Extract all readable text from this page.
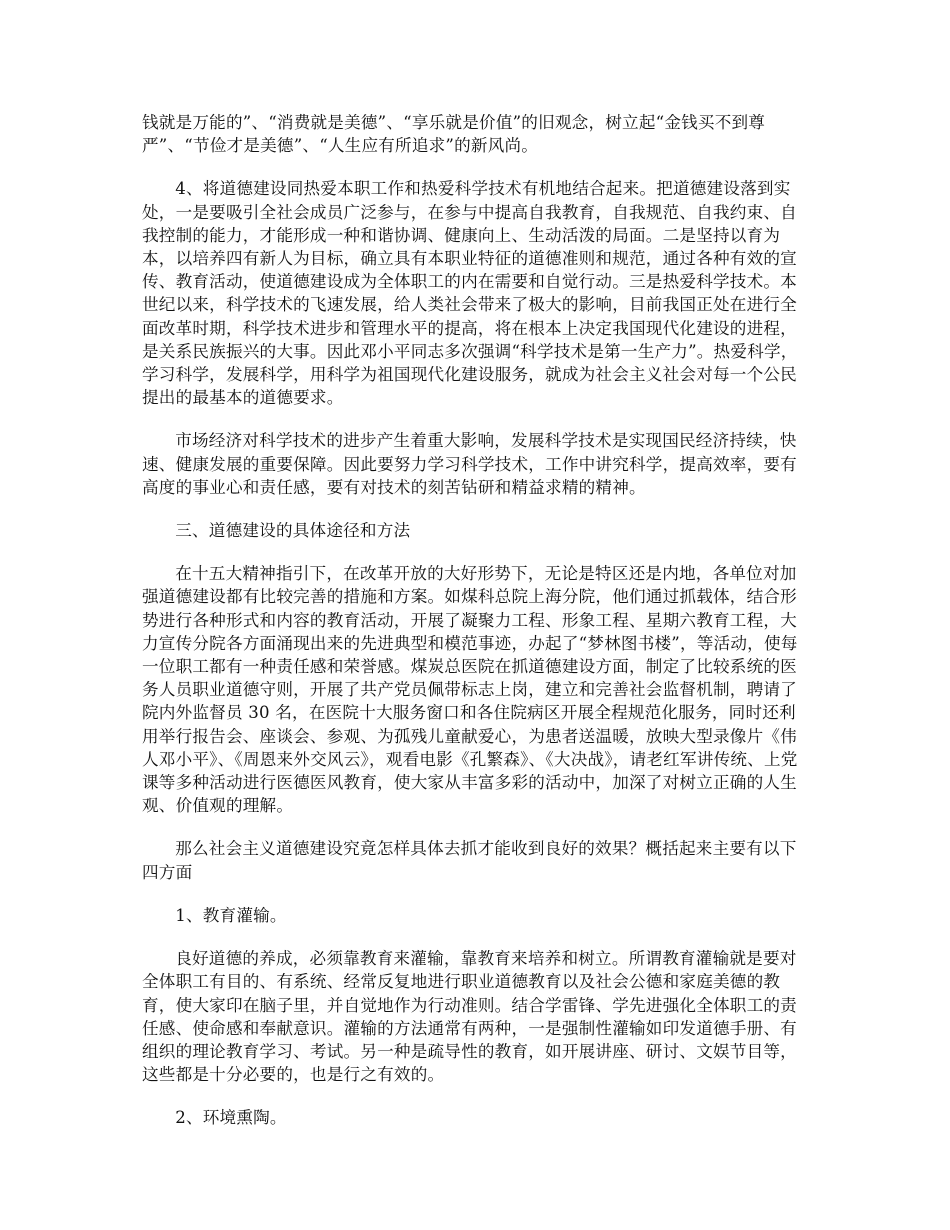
钱就是万能的”、“消费就是美德”、“享乐就是价值”的旧观念，树立起“金钱买不到尊严”、“节俭才是美德”、“人生应有所追求”的新风尚。

4、将道德建设同热爱本职工作和热爱科学技术有机地结合起来。把道德建设落到实处，一是要吸引全社会成员广泛参与，在参与中提高自我教育，自我规范、自我约束、自我控制的能力，才能形成一种和谐协调、健康向上、生动活泼的局面。二是坚持以育为本，以培养四有新人为目标，确立具有本职业特征的道德准则和规范，通过各种有效的宣传、教育活动，使道德建设成为全体职工的内在需要和自觉行动。三是热爱科学技术。本世纪以来，科学技术的飞速发展，给人类社会带来了极大的影响，目前我国正处在进行全面改革时期，科学技术进步和管理水平的提高，将在根本上决定我国现代化建设的进程，是关系民族振兴的大事。因此邓小平同志多次强调“科学技术是第一生产力”。热爱科学，学习科学，发展科学，用科学为祖国现代化建设服务，就成为社会主义社会对每一个公民提出的最基本的道德要求。

市场经济对科学技术的进步产生着重大影响，发展科学技术是实现国民经济持续，快速、健康发展的重要保障。因此要努力学习科学技术，工作中讲究科学，提高效率，要有高度的事业心和责任感，要有对技术的刻苦钻研和精益求精的精神。

三、道德建设的具体途径和方法

在十五大精神指引下，在改革开放的大好形势下，无论是特区还是内地，各单位对加强道德建设都有比较完善的措施和方案。如煤科总院上海分院，他们通过抓载体，结合形势进行各种形式和内容的教育活动，开展了凝聚力工程、形象工程、星期六教育工程，大力宣传分院各方面涌现出来的先进典型和模范事迹，办起了“梦林图书楼”，等活动，使每一位职工都有一种责任感和荣誉感。煤炭总医院在抓道德建设方面，制定了比较系统的医务人员职业道德守则，开展了共产党员佩带标志上岗，建立和完善社会监督机制，聘请了院内外监督员 30 名，在医院十大服务窗口和各住院病区开展全程规范化服务，同时还利用举行报告会、座谈会、参观、为孤残儿童献爱心，为患者送温暖，放映大型录像片《伟人邓小平》、《周恩来外交风云》，观看电影《孔繁森》、《大决战》，请老红军讲传统、上党课等多种活动进行医德医风教育，使大家从丰富多彩的活动中，加深了对树立正确的人生观、价值观的理解。

那么社会主义道德建设究竟怎样具体去抓才能收到良好的效果？概括起来主要有以下四方面

1、教育灌输。

良好道德的养成，必须靠教育来灌输，靠教育来培养和树立。所谓教育灌输就是要对全体职工有目的、有系统、经常反复地进行职业道德教育以及社会公德和家庭美德的教育，使大家印在脑子里，并自觉地作为行动准则。结合学雷锋、学先进强化全体职工的责任感、使命感和奉献意识。灌输的方法通常有两种，一是强制性灌输如印发道德手册、有组织的理论教育学习、考试。另一种是疏导性的教育，如开展讲座、研讨、文娱节目等，这些都是十分必要的，也是行之有效的。

2、环境熏陶。
